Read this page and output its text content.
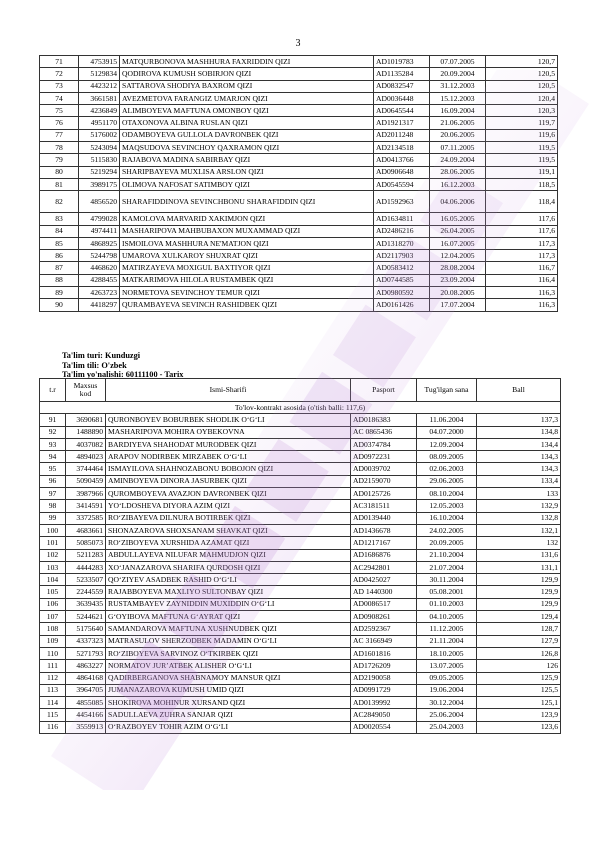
3
71	4753915	MATQURBONOVA MASHHURA FAXRIDDIN QIZI	AD1019783	07.07.2005	120,7
72	5129834	QODIROVA KUMUSH SOBIRJON QIZI	AD1135284	20.09.2004	120,5
73	4423212	SATTAROVA SHODIYA BAXROM QIZI	AD0832547	31.12.2003	120,5
74	3661581	AVEZMETOVA FARANGIZ UMARJON QIZI	AD0036448	15.12.2003	120,4
75	4236849	ALIMBOYEVA MAFTUNA OMONBOY QIZI	AD0645544	16.09.2004	120,3
76	4951170	OTAXONOVA ALBINA RUSLAN QIZI	AD1921317	21.06.2005	119,7
77	5176002	ODAMBOYEVA GULLOLA DAVRONBEK QIZI	AD2011248	20.06.2005	119,6
78	5243094	MAQSUDOVA SEVINCHOY QAXRAMON QIZI	AD2134518	07.11.2005	119,5
79	5115830	RAJABOVA MADINA SABIRBAY QIZI	AD0413766	24.09.2004	119,5
80	5219294	SHARIPBAYEVA MUXLISA ARSLON QIZI	AD0906648	28.06.2005	119,1
81	3989175	OLIMOVA NAFOSAT SATIMBOY QIZI	AD0545594	16.12.2003	118,5
82	4856520	SHARAFIDDINOVA SEVINCHBONU SHARAFIDDIN QIZI	AD1592963	04.06.2006	118,4
83	4799028	KAMOLOVA MARVARID XAKIMJON QIZI	AD1634811	16.05.2005	117,6
84	4974411	MASHARIPOVA MAHBUBAXON MUXAMMAD QIZI	AD2486216	26.04.2005	117,6
85	4868925	ISMOILOVA MASHHURA NE'MATJON QIZI	AD1318270	16.07.2005	117,3
86	5244798	UMAROVA XULKAROY SHUXRAT QIZI	AD2117903	12.04.2005	117,3
87	4468620	MATIRZAYEVA MOXIGUL BAXTIYOR QIZI	AD0583412	28.08.2004	116,7
88	4288455	MATKARIMOVA HILOLA RUSTAMBEK QIZI	AD0744585	23.09.2004	116,4
89	4263723	NORMETOVA SEVINCHOY TEMUR QIZI	AD0980592	20.08.2005	116,3
90	4418297	QURAMBAYEVA SEVINCH RASHIDBEK QIZI	AD0161426	17.07.2004	116,3
Ta'lim turi: Kunduzgi
Ta'lim tili: O'zbek
Ta'lim yo'nalishi: 60111100 - Tarix
t.r	Maxsus kod	Ismi-Sharifi	Pasport	Tug'ilgan sana	Ball
To'lov-kontrakt asosida (o'tish balli: 117,6)					
91	3690681	QURONBOYEV BOBURBEK SHODLIK O‘G‘LI	AD0186383	11.06.2004	137,3
92	1488890	MASHARIPOVA MOHIRA OYBEKOVNA	AC 0865436	04.07.2000	134,8
93	4037082	BARDIYEVA SHAHODAT MURODBEK QIZI	AD0374784	12.09.2004	134,4
94	4894023	ARAPOV NODIRBEK MIRZABEK O‘G‘LI	AD0972231	08.09.2005	134,3
95	3744464	ISMAYILOVA SHAHNOZABONU BOBOJON QIZI	AD0039702	02.06.2003	134,3
96	5090459	AMINBOYEVA DINORA JASURBEK QIZI	AD2159070	29.06.2005	133,4
97	3987966	QUROMBOYEVA AVAZJON DAVRONBEK QIZI	AD0125726	08.10.2004	133
98	3414591	YO‘LDOSHEVA DIYORA AZIM QIZI	AC3181511	12.05.2003	132,9
99	3372585	RO‘ZIBAYEVA DILNURA BOTIRBEK QIZI	AD0139440	16.10.2004	132,8
100	4683661	SHONAZAROVA SHOXSANAM SHAVKAT QIZI	AD1436678	24.02.2005	132,1
101	5085073	RO‘ZIBOYEVA XURSHIDA AZAMAT QIZI	AD1217167	20.09.2005	132
102	5211283	ABDULLAYEVA NILUFAR MAHMUDJON QIZI	AD1686876	21.10.2004	131,6
103	4444283	XO‘JANAZAROVA SHARIFA QURDOSH QIZI	AC2942801	21.07.2004	131,1
104	5233507	QO‘ZIYEV ASADBEK RASHID O‘G‘LI	AD0425027	30.11.2004	129,9
105	2244559	RAJABBOYEVA MAXLIYO SULTONBAY QIZI	AD 1440300	05.08.2001	129,9
106	3639435	RUSTAMBAYEV ZAYNIDDIN MUXIDDIN O‘G‘LI	AD0086517	01.10.2003	129,9
107	5244621	G‘OYIBOVA MAFTUNA G‘AYRAT QIZI	AD0908261	04.10.2005	129,4
108	5175640	SAMANDAROVA MAFTUNA XUSHNUDBEK QIZI	AD2592367	11.12.2005	128,7
109	4337323	MATRASULOV SHERZODBEK MADAMIN O‘G‘LI	AC 3166949	21.11.2004	127,9
110	5271793	RO‘ZIBOYEVA SARVINOZ O‘TKIRBEK QIZI	AD1601816	18.10.2005	126,8
111	4863227	NORMATOV JUR’ATBEK ALISHER O‘G‘LI	AD1726209	13.07.2005	126
112	4864168	QADIRBERGANOVA SHABNAMOY MANSUR QIZI	AD2190058	09.05.2005	125,9
113	3964705	JUMANAZAROVA KUMUSH UMID QIZI	AD0991729	19.06.2004	125,5
114	4855085	SHOKIROVA MOHINUR XURSAND QIZI	AD0139992	30.12.2004	125,1
115	4454166	SADULLAEVA ZUHRA SANJAR QIZI	AC2849050	25.06.2004	123,9
116	3559913	O‘RAZBOYEV TOHIR AZIM O‘G‘LI	AD0020554	25.04.2003	123,6
